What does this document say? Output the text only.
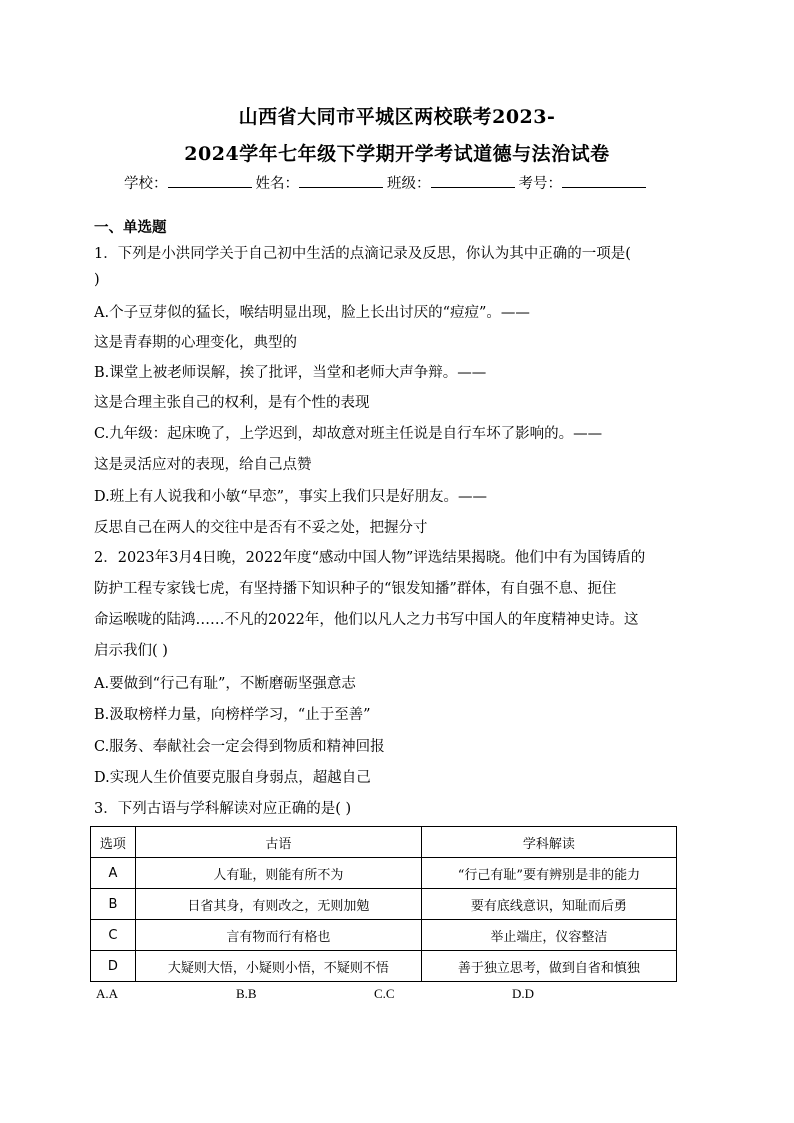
山西省大同市平城区两校联考2023-
2024学年七年级下学期开学考试道德与法治试卷
学校：	姓名：	班级：	考号：
一、单选题
1．下列是小洪同学关于自己初中生活的点滴记录及反思，你认为其中正确的一项是(
)
A.个子豆芽似的猛长，喉结明显出现，脸上长出讨厌的“痘痘”。——
这是青春期的心理变化，典型的
B.课堂上被老师误解，挨了批评，当堂和老师大声争辩。——
这是合理主张自己的权利，是有个性的表现
C.九年级：起床晚了，上学迟到，却故意对班主任说是自行车坏了影响的。——
这是灵活应对的表现，给自己点赞
D.班上有人说我和小敏“早恋”，事实上我们只是好朋友。——
反思自己在两人的交往中是否有不妥之处，把握分寸
2．2023年3月4日晚，2022年度“感动中国人物”评选结果揭晓。他们中有为国铸盾的
防护工程专家钱七虎，有坚持播下知识种子的“银发知播”群体，有自强不息、扼住
命运喉咙的陆鸿……不凡的2022年，他们以凡人之力书写中国人的年度精神史诗。这
启示我们( )
A.要做到“行己有耻”，不断磨砺坚强意志
B.汲取榜样力量，向榜样学习，“止于至善”
C.服务、奉献社会一定会得到物质和精神回报
D.实现人生价值要克服自身弱点，超越自己
3．下列古语与学科解读对应正确的是( )
选项	古语	学科解读
A	人有耻，则能有所不为	“行己有耻”要有辨别是非的能力
B	日省其身，有则改之，无则加勉	要有底线意识，知耻而后勇
C	言有物而行有格也	举止端庄，仪容整洁
D	大疑则大悟，小疑则小悟，不疑则不悟	善于独立思考，做到自省和慎独
A.A	B.B	C.C	D.D
